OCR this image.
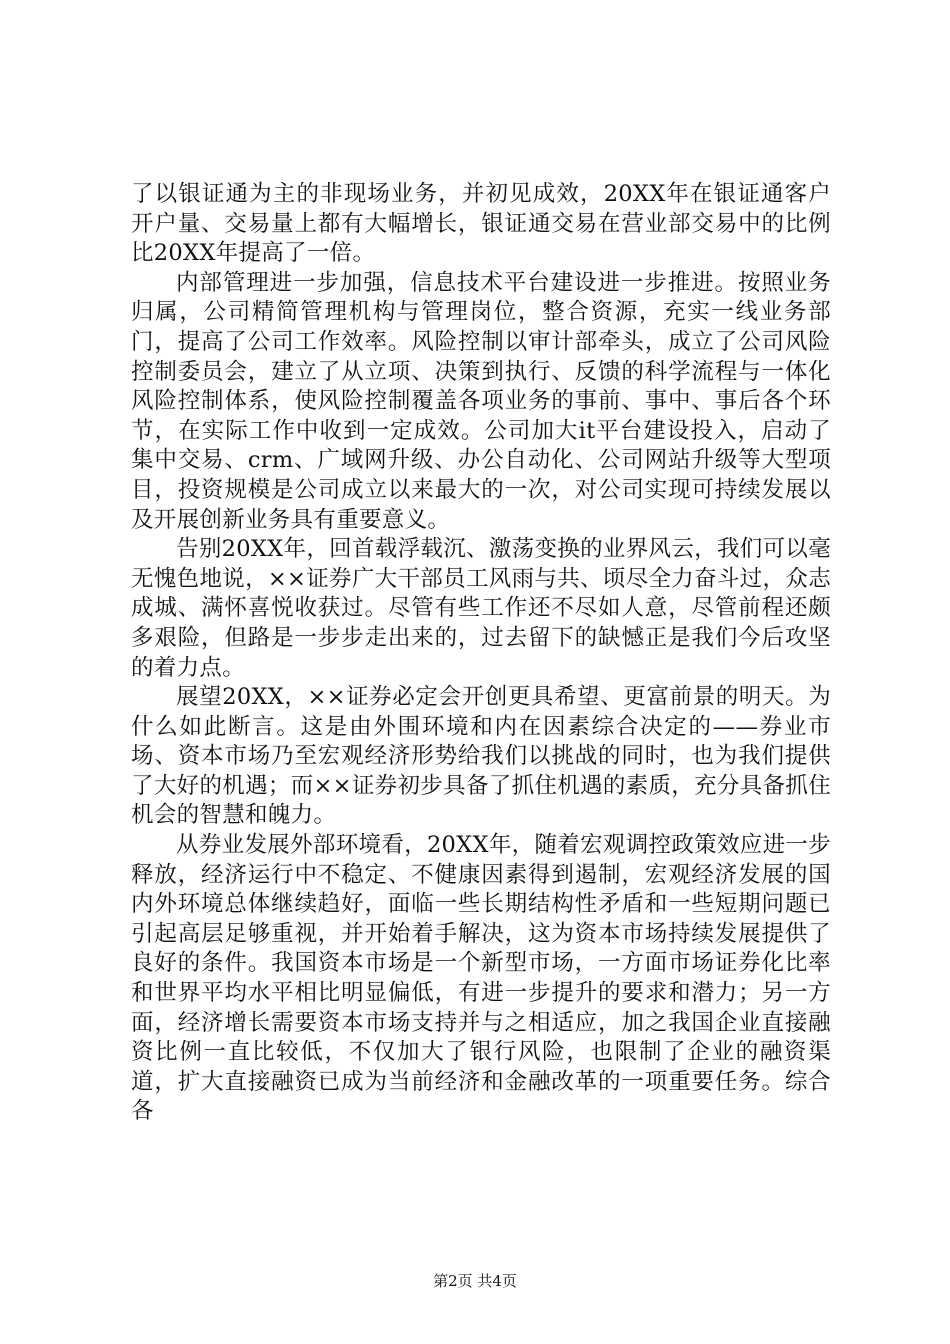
了以银证通为主的非现场业务，并初见成效，20XX年在银证通客户开户量、交易量上都有大幅增长，银证通交易在营业部交易中的比例比20XX年提高了一倍。

内部管理进一步加强，信息技术平台建设进一步推进。按照业务归属，公司精简管理机构与管理岗位，整合资源，充实一线业务部门，提高了公司工作效率。风险控制以审计部牵头，成立了公司风险控制委员会，建立了从立项、决策到执行、反馈的科学流程与一体化风险控制体系，使风险控制覆盖各项业务的事前、事中、事后各个环节，在实际工作中收到一定成效。公司加大it平台建设投入，启动了集中交易、crm、广域网升级、办公自动化、公司网站升级等大型项目，投资规模是公司成立以来最大的一次，对公司实现可持续发展以及开展创新业务具有重要意义。

告别20XX年，回首载浮载沉、激荡变换的业界风云，我们可以毫无愧色地说，××证券广大干部员工风雨与共、顷尽全力奋斗过，众志成城、满怀喜悦收获过。尽管有些工作还不尽如人意，尽管前程还颇多艰险，但路是一步步走出来的，过去留下的缺憾正是我们今后攻坚的着力点。

展望20XX，××证券必定会开创更具希望、更富前景的明天。为什么如此断言。这是由外围环境和内在因素综合决定的——券业市场、资本市场乃至宏观经济形势给我们以挑战的同时，也为我们提供了大好的机遇；而××证券初步具备了抓住机遇的素质，充分具备抓住机会的智慧和魄力。

从券业发展外部环境看，20XX年，随着宏观调控政策效应进一步释放，经济运行中不稳定、不健康因素得到遏制，宏观经济发展的国内外环境总体继续趋好，面临一些长期结构性矛盾和一些短期问题已引起高层足够重视，并开始着手解决，这为资本市场持续发展提供了良好的条件。我国资本市场是一个新型市场，一方面市场证券化比率和世界平均水平相比明显偏低，有进一步提升的要求和潜力；另一方面，经济增长需要资本市场支持并与之相适应，加之我国企业直接融资比例一直比较低，不仅加大了银行风险，也限制了企业的融资渠道，扩大直接融资已成为当前经济和金融改革的一项重要任务。综合各

第2页 共4页
